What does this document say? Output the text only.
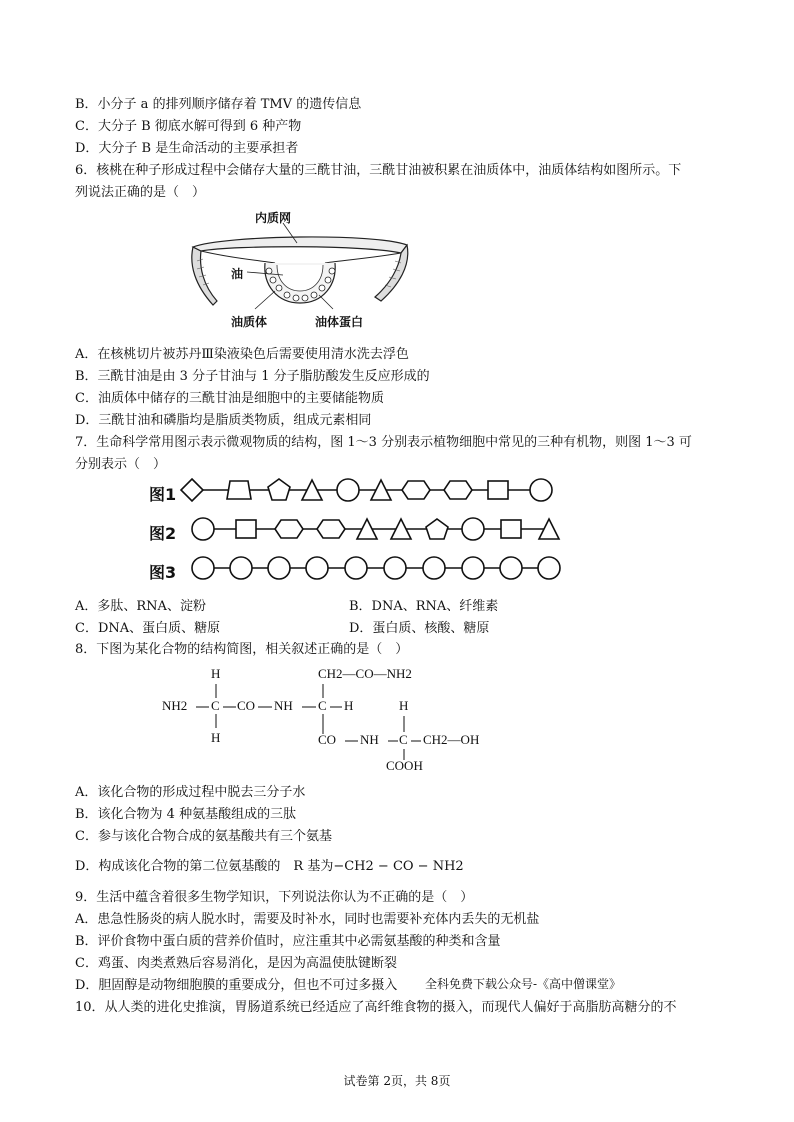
B．小分子 a 的排列顺序储存着 TMV 的遗传信息
C．大分子 B 彻底水解可得到 6 种产物
D．大分子 B 是生命活动的主要承担者
6．核桃在种子形成过程中会储存大量的三酰甘油，三酰甘油被积累在油质体中，油质体结构如图所示。下
列说法正确的是（　）
内质网
油
油质体	油体蛋白
A．在核桃切片被苏丹Ⅲ染液染色后需要使用清水洗去浮色
B．三酰甘油是由 3 分子甘油与 1 分子脂肪酸发生反应形成的
C．油质体中储存的三酰甘油是细胞中的主要储能物质
D．三酰甘油和磷脂均是脂质类物质，组成元素相同
7．生命科学常用图示表示微观物质的结构，图 1～3 分别表示植物细胞中常见的三种有机物，则图 1～3 可
分别表示（　）
图1
图2
图3
A．多肽、RNA、淀粉	B．DNA、RNA、纤维素
C．DNA、蛋白质、糖原	D．蛋白质、核酸、糖原
8．下图为某化合物的结构简图，相关叙述正确的是（　）
H
H
NH2 C CO NH C H
CH2—CO—NH2
H
CO NH C CH2—OH
COOH
A．该化合物的形成过程中脱去三分子水
B．该化合物为 4 种氨基酸组成的三肽
C．参与该化合物合成的氨基酸共有三个氨基
D．构成该化合物的第二位氨基酸的　R 基为−CH2 − CO − NH2
9．生活中蕴含着很多生物学知识，下列说法你认为不正确的是（　）
A．患急性肠炎的病人脱水时，需要及时补水，同时也需要补充体内丢失的无机盐
B．评价食物中蛋白质的营养价值时，应注重其中必需氨基酸的种类和含量
C．鸡蛋、肉类煮熟后容易消化，是因为高温使肽键断裂
D．胆固醇是动物细胞膜的重要成分，但也不可过多摄入 全科免费下载公众号-《高中僧课堂》
10．从人类的进化史推演，胃肠道系统已经适应了高纤维食物的摄入，而现代人偏好于高脂肪高糖分的不
试卷第 2页，共 8页
